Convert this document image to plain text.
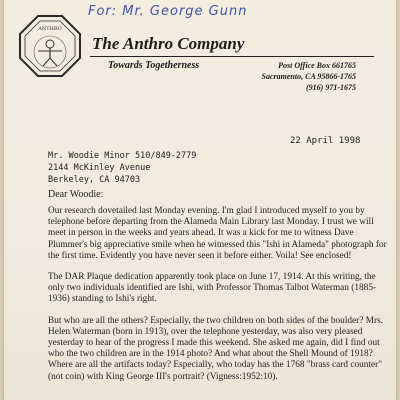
For: Mr. George Gunn
ANTHRO
The Anthro Company
Towards Togetherness	Post Office Box 661765
Sacramento, CA 95866-1765
(916) 971-1675
22 April 1998
Mr. Woodie Minor 510/849-2779
2144 McKinley Avenue
Berkeley, CA 94703
Dear Woodie:

Our research dovetailed last Monday evening. I'm glad I introduced myself to you by telephone before departing from the Alameda Main Library last Monday. I trust we will meet in person in the weeks and years ahead. It was a kick for me to witness Dave Plummer's big appreciative smile when he witnessed this "Ishi in Alameda" photograph for the first time. Evidently you have never seen it before either. Voila! See enclosed!

The DAR Plaque dedication apparently took place on June 17, 1914. At this writing, the only two individuals identified are Ishi, with Professor Thomas Talbot Waterman (1885-1936) standing to Ishi's right.

But who are all the others? Especially, the two children on both sides of the boulder? Mrs. Helen Waterman (born in 1913), over the telephone yesterday, was also very pleased yesterday to hear of the progress I made this weekend. She asked me again, did I find out who the two children are in the 1914 photo? And what about the Shell Mound of 1918? Where are all the artifacts today? Especially, who today has the 1768 "brass card counter" (not coin) with King George III's portrait? (Vigness:1952:10).
